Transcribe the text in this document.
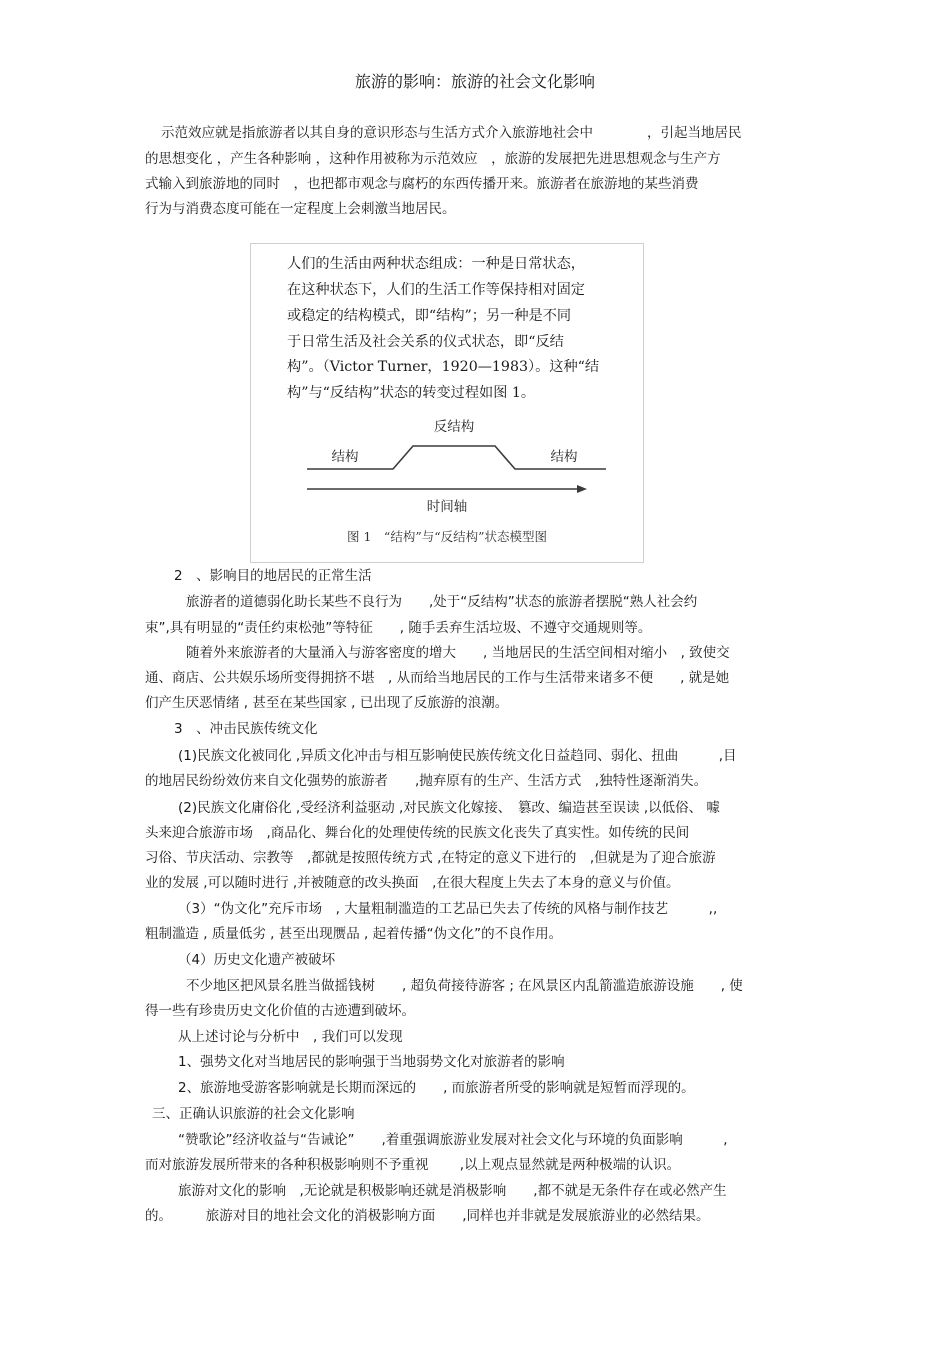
旅游的影响：旅游的社会文化影响
示范效应就是指旅游者以其自身的意识形态与生活方式介入旅游地社会中　　　　，引起当地居民
的思想变化 ，产生各种影响 ，这种作用被称为示范效应　，旅游的发展把先进思想观念与生产方
式输入到旅游地的同时　，也把都市观念与腐朽的东西传播开来。旅游者在旅游地的某些消费
行为与消费态度可能在一定程度上会刺激当地居民。
人们的生活由两种状态组成：一种是日常状态，
在这种状态下，人们的生活工作等保持相对固定
或稳定的结构模式，即“结构”；另一种是不同
于日常生活及社会关系的仪式状态，即“反结
构”。（Victor Turner，1920—1983）。这种“结
构”与“反结构”状态的转变过程如图 1。
反结构
结构	结构
时间轴
图 1　“结构”与“反结构”状态模型图
2　、影响目的地居民的正常生活
旅游者的道德弱化助长某些不良行为　　,处于“反结构”状态的旅游者摆脱“熟人社会约
束”,具有明显的“责任约束松弛”等特征　　, 随手丢弃生活垃圾、不遵守交通规则等。
随着外来旅游者的大量涌入与游客密度的增大　　, 当地居民的生活空间相对缩小　, 致使交
通、商店、公共娱乐场所变得拥挤不堪　, 从而给当地居民的工作与生活带来诸多不便　　, 就是她
们产生厌恶情绪 , 甚至在某些国家 , 已出现了反旅游的浪潮。
3　、冲击民族传统文化
(1)民族文化被同化 ,异质文化冲击与相互影响使民族传统文化日益趋同、弱化、扭曲　　　,目
的地居民纷纷效仿来自文化强势的旅游者　　,抛弃原有的生产、生活方式　,独特性逐渐消失。
(2)民族文化庸俗化 ,受经济利益驱动 ,对民族文化嫁接、　篡改、编造甚至误读 ,以低俗、 噱
头来迎合旅游市场　,商品化、舞台化的处理使传统的民族文化丧失了真实性。如传统的民间
习俗、节庆活动、宗教等　,都就是按照传统方式 ,在特定的意义下进行的　,但就是为了迎合旅游
业的发展 ,可以随时进行 ,并被随意的改头换面　,在很大程度上失去了本身的意义与价值。
（3）“伪文化”充斥市场　, 大量粗制滥造的工艺品已失去了传统的风格与制作技艺　　　,,
粗制滥造 , 质量低劣 , 甚至出现赝品 , 起着传播“伪文化”的不良作用。
（4）历史文化遗产被破坏
不少地区把风景名胜当做摇钱树　　, 超负荷接待游客 ; 在风景区内乱箭滥造旅游设施　　, 使
得一些有珍贵历史文化价值的古迹遭到破坏。
从上述讨论与分析中　, 我们可以发现
1、强势文化对当地居民的影响强于当地弱势文化对旅游者的影响
2、旅游地受游客影响就是长期而深远的　　, 而旅游者所受的影响就是短暂而浮现的。
三、正确认识旅游的社会文化影响
“赞歌论”经济收益与“告诫论”　　,着重强调旅游业发展对社会文化与环境的负面影响　　　,
而对旅游发展所带来的各种积极影响则不予重视　　 ,以上观点显然就是两种极端的认识。
旅游对文化的影响　,无论就是积极影响还就是消极影响　　,都不就是无条件存在或必然产生
的。　　　旅游对目的地社会文化的消极影响方面　　,同样也并非就是发展旅游业的必然结果。
